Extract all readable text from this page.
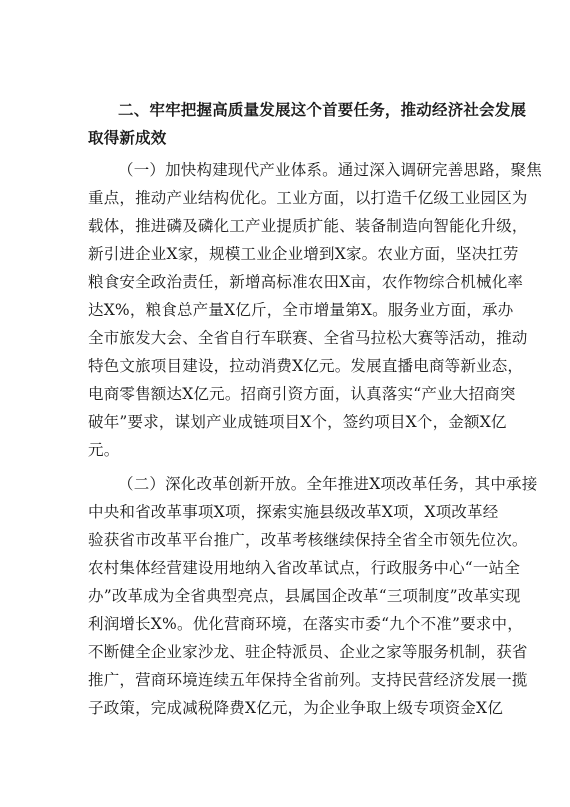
二、牢牢把握高质量发展这个首要任务，推动经济社会发展
取得新成效
（一）加快构建现代产业体系。通过深入调研完善思路，聚焦
重点，推动产业结构优化。工业方面，以打造千亿级工业园区为
载体，推进磷及磷化工产业提质扩能、装备制造向智能化升级，
新引进企业X家，规模工业企业增到X家。农业方面，坚决扛劳
粮食安全政治责任，新增高标准农田X亩，农作物综合机械化率
达X%，粮食总产量X亿斤，全市增量第X。服务业方面，承办
全市旅发大会、全省自行车联赛、全省马拉松大赛等活动，推动
特色文旅项目建设，拉动消费X亿元。发展直播电商等新业态，
电商零售额达X亿元。招商引资方面，认真落实“产业大招商突
破年”要求，谋划产业成链项目X个，签约项目X个，金额X亿
元。
（二）深化改革创新开放。全年推进X项改革任务，其中承接
中央和省改革事项X项，探索实施县级改革X项，X项改革经
验获省市改革平台推广，改革考核继续保持全省全市领先位次。
农村集体经营建设用地纳入省改革试点，行政服务中心“一站全
办”改革成为全省典型亮点，县属国企改革“三项制度”改革实现
利润增长X%。优化营商环境，在落实市委“九个不准”要求中，
不断健全企业家沙龙、驻企特派员、企业之家等服务机制，获省
推广，营商环境连续五年保持全省前列。支持民营经济发展一揽
子政策，完成减税降费X亿元，为企业争取上级专项资金X亿
